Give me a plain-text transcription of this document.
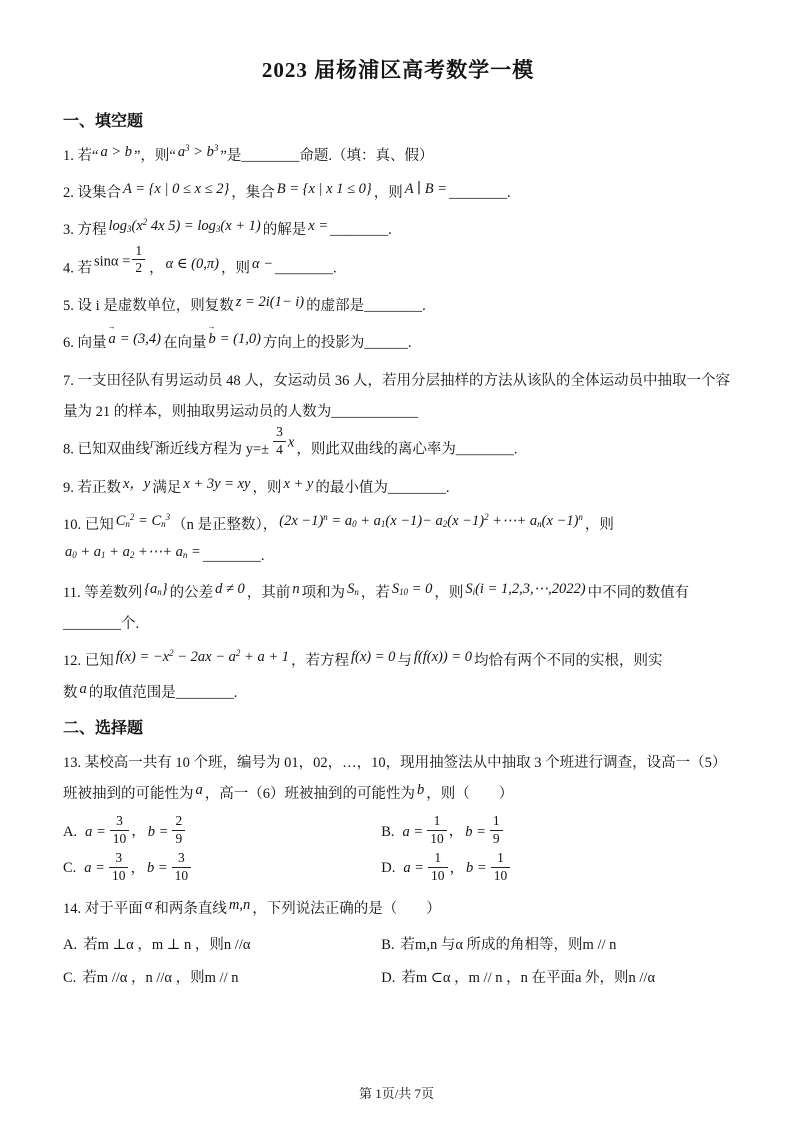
2023 届杨浦区高考数学一模
一、填空题
1. 若“ a > b ”，则“ $a^3 > b^3$ ”是________命题.（填：真、假）
2. 设集合 A = {x | 0 ≤ x ≤ 2} ，集合 B = {x | x 1 ≤ 0} ，则 A ∣ B = ________.
3. 方程 $\log_3(x^2$ 4x $5) = \log_3(x + 1)$ 的解是 x = ________.
4. 若 $\sin\alpha = \frac{1}{2}$ ， α ∈ (0,π) ，则 α − ________.
5. 设 i 是虚数单位，则复数 z = 2i(1− i) 的虚部是________.
6. 向量
→
a = (3,4) 在向量
→
b = (1,0) 方向上的投影为______.
7. 一支田径队有男运动员 48 人，女运动员 36 人，若用分层抽样的方法从该队的全体运动员中抽取一个容量为 21 的样本，则抽取男运动员的人数为____________
8. 已知双曲线$^\Gamma$渐近线方程为 $y=\pm \frac{3}{4}$ x ，则此双曲线的离心率为________.
9. 若正数 x，y 满足 x + 3y = xy ，则 x + y 的最小值为________.
10. 已知 $C_n^2 = C_n^3$ （n 是正整数）， $(2x -1)^n = a_0 + a_1(x -1)- a_2(x -1)^2$ +⋯+ $a_n(x -1)^n$ ，则
$a_0 + a_1 + a_2$ +⋯+ $a_n$ = ________.
11. 等差数列 $\{a_n\}$ 的公差 d ≠ 0 ，其前 n 项和为 $S_n$ ，若 $S_{10} = 0$ ，则 $S_i(i$ = 1,2,3,⋯,2022) 中不同的数值有
________个.
12. 已知 $f(x) = -x^2 - 2ax - a^2 + a + 1$ ，若方程 f(x) = 0 与 f(f(x)) = 0 均恰有两个不同的实根，则实
数 a 的取值范围是________.
二、选择题
13. 某校高一共有 10 个班，编号为 01，02，…，10，现用抽签法从中抽取 3 个班进行调查，设高一（5）班被抽到的可能性为 a ，高一（6）班被抽到的可能性为 b ，则（　　）
A. $a = \frac{3}{10}$ ， $b = \frac{2}{9}$	B. $a = \frac{1}{10}$ ， $b = \frac{1}{9}$
C. $a = \frac{3}{10}$ ， $b = \frac{3}{10}$	D. $a = \frac{1}{10}$ ， $b = \frac{1}{10}$
14. 对于平面 α 和两条直线 m,n ，下列说法正确的是（　　）
A. 若m ⊥α ，m ⊥ n ，则n //α	B. 若m,n 与α 所成的角相等，则m // n
C. 若m //α ，n //α ，则m // n	D. 若m ⊂α ，m // n ，n 在平面a 外，则n //α
第 1页/共 7页
